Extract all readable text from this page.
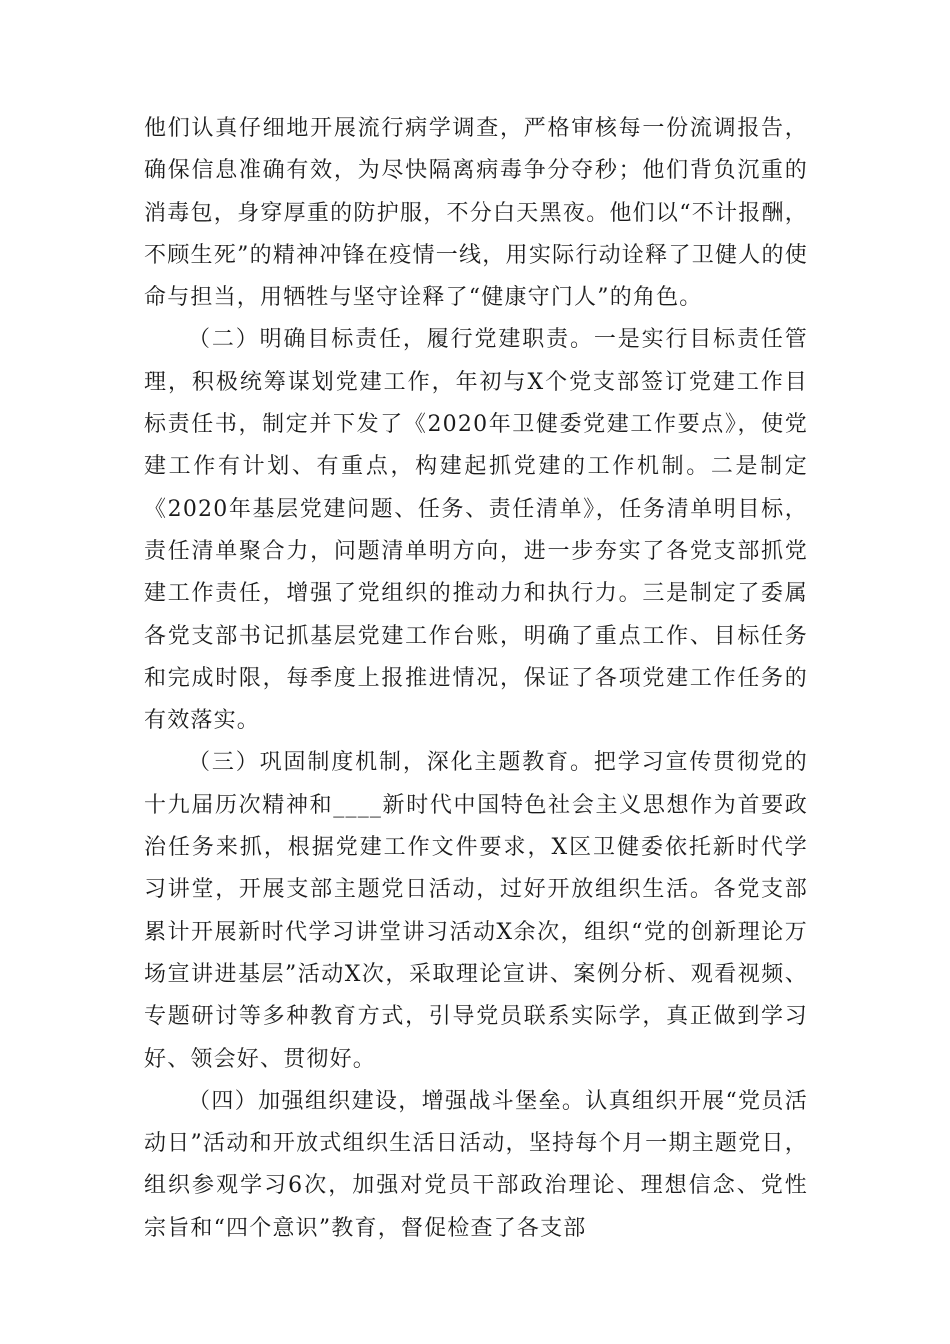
他们认真仔细地开展流行病学调查，严格审核每一份流调报告，确保信息准确有效，为尽快隔离病毒争分夺秒；他们背负沉重的消毒包，身穿厚重的防护服，不分白天黑夜。他们以“不计报酬，不顾生死”的精神冲锋在疫情一线，用实际行动诠释了卫健人的使命与担当，用牺牲与坚守诠释了“健康守门人”的角色。

（二）明确目标责任，履行党建职责。一是实行目标责任管理，积极统筹谋划党建工作，年初与X个党支部签订党建工作目标责任书，制定并下发了《2020年卫健委党建工作要点》，使党建工作有计划、有重点，构建起抓党建的工作机制。二是制定《2020年基层党建问题、任务、责任清单》，任务清单明目标，责任清单聚合力，问题清单明方向，进一步夯实了各党支部抓党建工作责任，增强了党组织的推动力和执行力。三是制定了委属各党支部书记抓基层党建工作台账，明确了重点工作、目标任务和完成时限，每季度上报推进情况，保证了各项党建工作任务的有效落实。

（三）巩固制度机制，深化主题教育。把学习宣传贯彻党的十九届历次精神和____新时代中国特色社会主义思想作为首要政治任务来抓，根据党建工作文件要求，X区卫健委依托新时代学习讲堂，开展支部主题党日活动，过好开放组织生活。各党支部累计开展新时代学习讲堂讲习活动X余次，组织“党的创新理论万场宣讲进基层”活动X次，采取理论宣讲、案例分析、观看视频、专题研讨等多种教育方式，引导党员联系实际学，真正做到学习好、领会好、贯彻好。

（四）加强组织建设，增强战斗堡垒。认真组织开展“党员活动日”活动和开放式组织生活日活动，坚持每个月一期主题党日，组织参观学习6次，加强对党员干部政治理论、理想信念、党性宗旨和“四个意识”教育，督促检查了各支部
